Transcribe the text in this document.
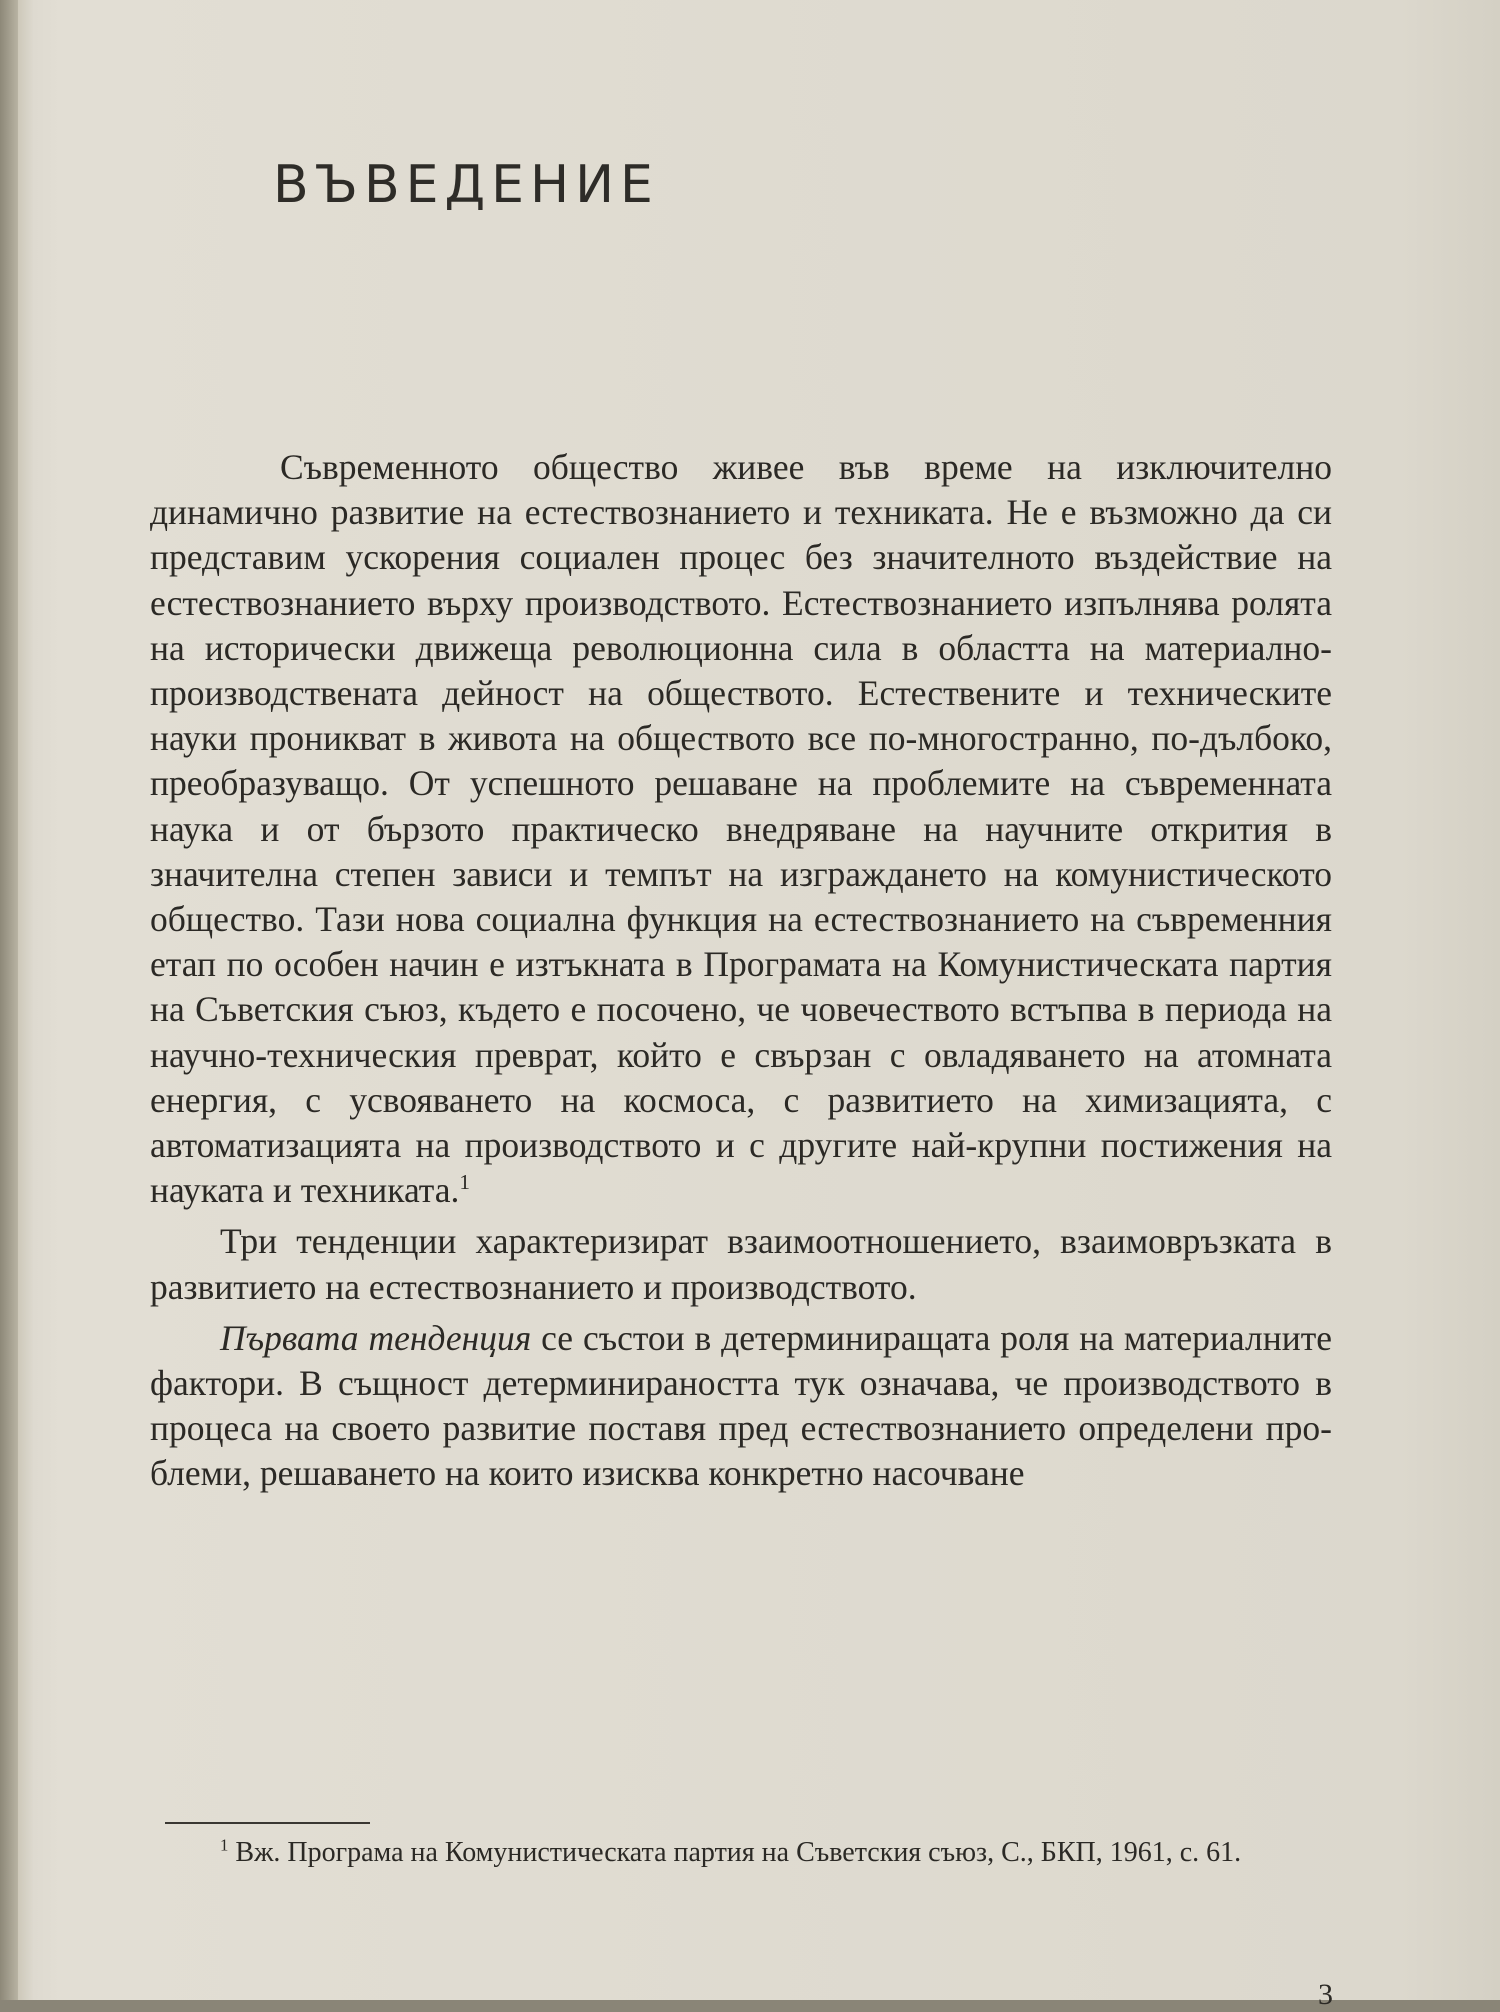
ВЪВЕДЕНИЕ

Съвременното общество живее във време на изключително динамично развитие на естествознанието и техниката. Не е възможно да си представим ускорения социален процес без значителното въздействие на естествознанието върху производството. Естествознанието изпълнява ролята на исторически движеща революционна сила в областта на материално-производствената дейност на обществото. Естествените и техническите науки проникват в живота на обществото все по-многостранно, по-дълбоко, преобразуващо. От успешното решаване на проблемите на съвременната наука и от бързото практическо внедряване на научните открития в значителна степен зависи и темпът на изграждането на комунистическото общество. Тази нова социална функция на естествознанието на съвременния етап по особен начин е изтъкната в Програмата на Комунистическата партия на Съветския съюз, където е посочено, че човечеството встъпва в периода на научно-техническия преврат, който е свързан с овладяването на атомната енергия, с усвояването на космоса, с развитието на химизацията, с автоматизацията на производството и с другите най-крупни постижения на науката и техниката.$^1$

Три тенденции характеризират взаимоотношението, взаимовръзката в развитието на естествознанието и производството.

Първата тенденция се състои в детерминиращата роля на материалните фактори. В същност детерминираността тук означава, че производството в процеса на своето развитие поставя пред естествознанието определени проблеми, решаването на които изисква конкретно насочване

$^1$ Вж. Програма на Комунистическата партия на Съветския съюз, С., БКП, 1961, с. 61.

3
